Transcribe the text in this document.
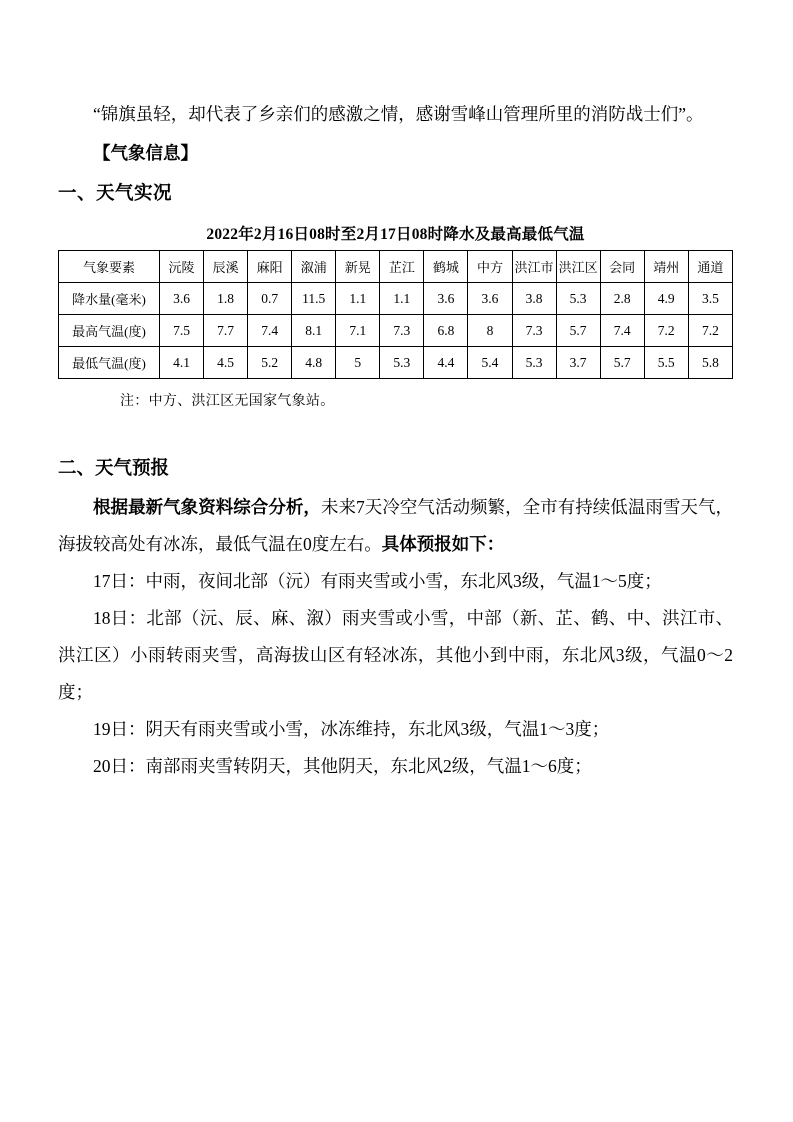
“锦旗虽轻，却代表了乡亲们的感激之情，感谢雪峰山管理所里的消防战士们”。

【气象信息】

一、天气实况

2022年2月16日08时至2月17日08时降水及最高最低气温
气象要素	沅陵	辰溪	麻阳	溆浦	新晃	芷江	鹤城	中方	洪江市	洪江区	会同	靖州	通道
降水量(毫米)	3.6	1.8	0.7	11.5	1.1	1.1	3.6	3.6	3.8	5.3	2.8	4.9	3.5
最高气温(度)	7.5	7.7	7.4	8.1	7.1	7.3	6.8	8	7.3	5.7	7.4	7.2	7.2
最低气温(度)	4.1	4.5	5.2	4.8	5	5.3	4.4	5.4	5.3	3.7	5.7	5.5	5.8
注：中方、洪江区无国家气象站。

二、天气预报

根据最新气象资料综合分析，未来7天冷空气活动频繁，全市有持续低温雨雪天气，海拔较高处有冰冻，最低气温在0度左右。具体预报如下：

17日：中雨，夜间北部（沅）有雨夹雪或小雪，东北风3级，气温1～5度；

18日：北部（沅、辰、麻、溆）雨夹雪或小雪，中部（新、芷、鹤、中、洪江市、洪江区）小雨转雨夹雪，高海拔山区有轻冰冻，其他小到中雨，东北风3级，气温0～2度；

19日：阴天有雨夹雪或小雪，冰冻维持，东北风3级，气温1～3度；

20日：南部雨夹雪转阴天，其他阴天，东北风2级，气温1～6度；
